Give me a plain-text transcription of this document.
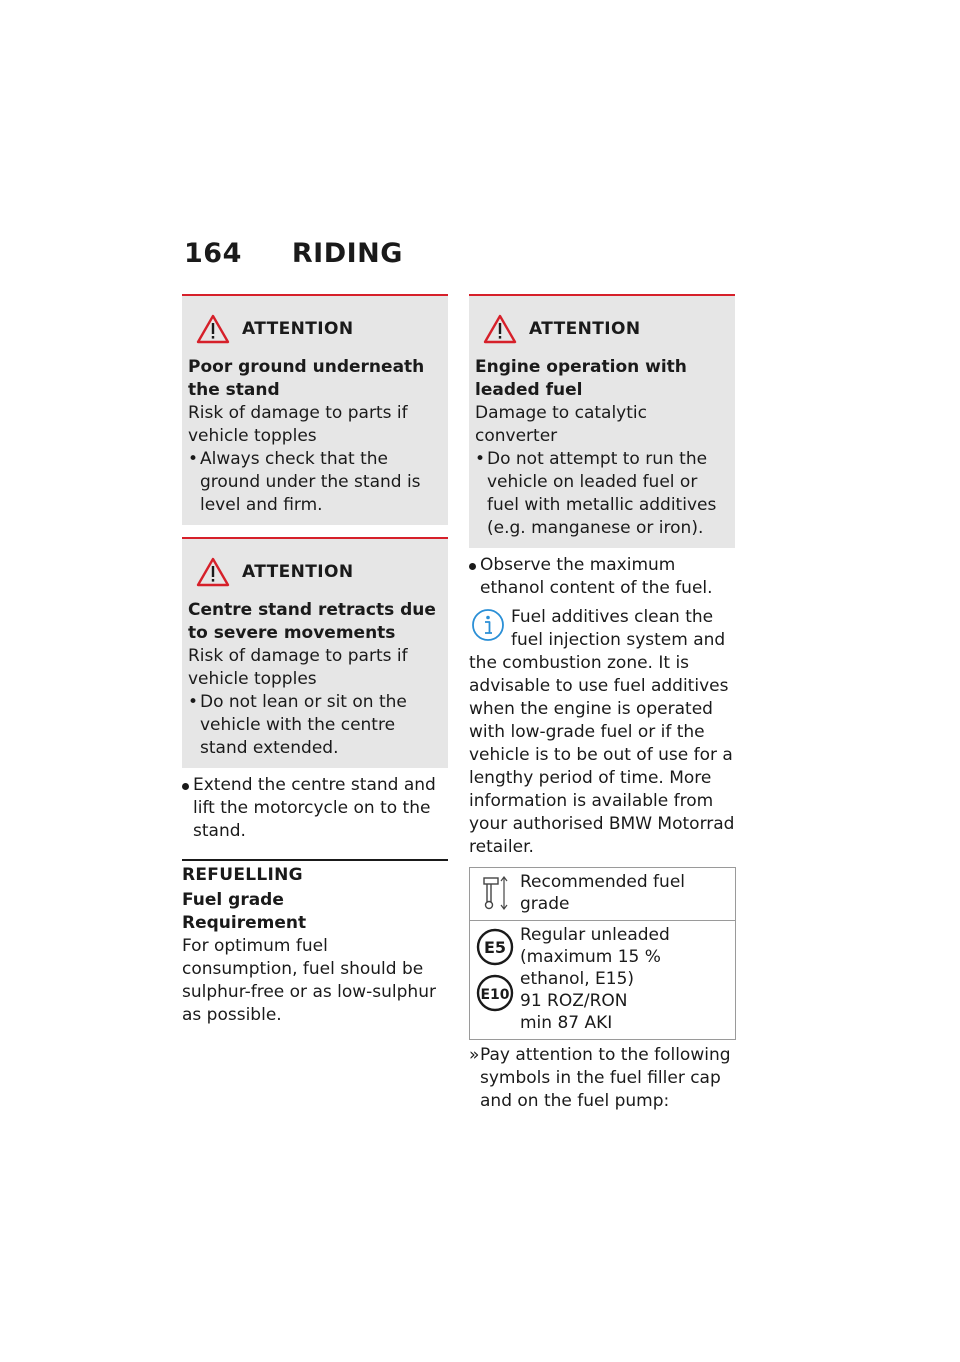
164 RIDING
ATTENTION
Poor ground underneath the stand
Risk of damage to parts if vehicle topples
• Always check that the ground under the stand is level and firm.
ATTENTION
Centre stand retracts due to severe movements
Risk of damage to parts if vehicle topples
• Do not lean or sit on the vehicle with the centre stand extended.
Extend the centre stand and lift the motorcycle on to the stand.
REFUELLING
Fuel grade
Requirement
For optimum fuel consumption, fuel should be sulphur-free or as low-sulphur as possible.
ATTENTION
Engine operation with leaded fuel
Damage to catalytic converter
• Do not attempt to run the vehicle on leaded fuel or fuel with metallic additives (e.g. manganese or iron).
Observe the maximum ethanol content of the fuel.
Fuel additives clean the fuel injection system and
the combustion zone. It is advisable to use fuel additives when the engine is operated with low-grade fuel or if the vehicle is to be out of use for a lengthy period of time. More information is available from your authorised BMW Motorrad retailer.
Recommended fuel grade
E5
E10
Regular unleaded (maximum 15 % ethanol, E15)
91 ROZ/RON
min 87 AKI
» Pay attention to the following symbols in the fuel filler cap and on the fuel pump:
